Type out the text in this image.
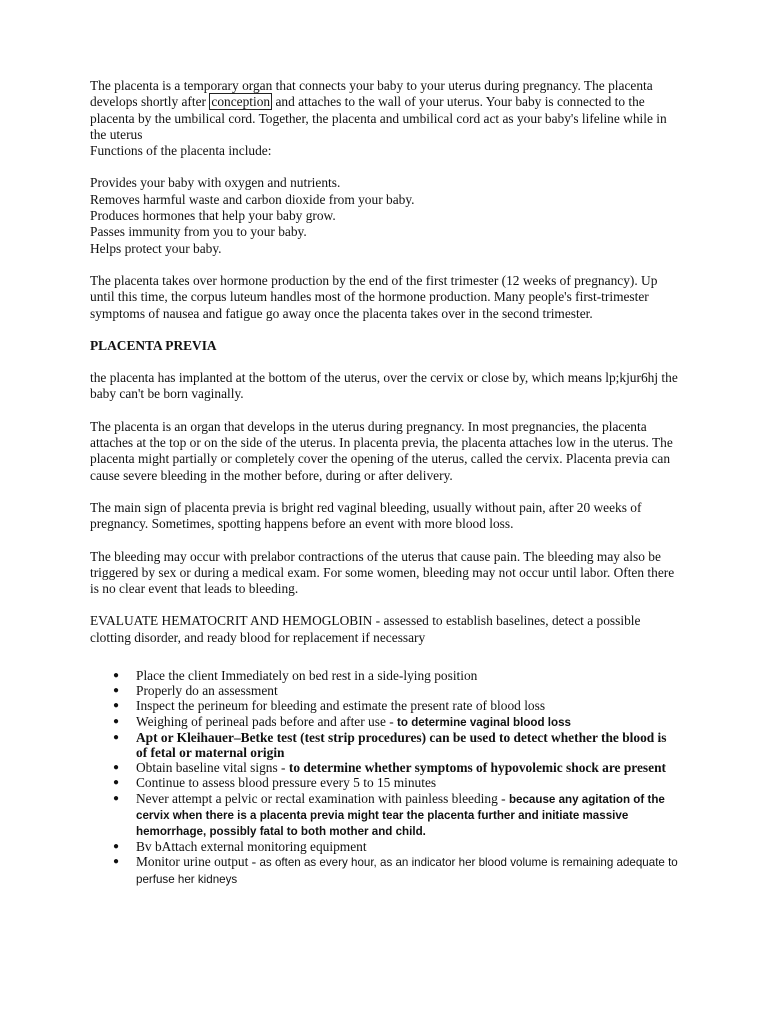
The placenta is a temporary organ that connects your baby to your uterus during pregnancy. The placenta develops shortly after conception and attaches to the wall of your uterus. Your baby is connected to the placenta by the umbilical cord. Together, the placenta and umbilical cord act as your baby's lifeline while in the uterus

Functions of the placenta include:

Provides your baby with oxygen and nutrients.

Removes harmful waste and carbon dioxide from your baby.

Produces hormones that help your baby grow.

Passes immunity from you to your baby.

Helps protect your baby.

The placenta takes over hormone production by the end of the first trimester (12 weeks of pregnancy). Up until this time, the corpus luteum handles most of the hormone production. Many people's first-trimester symptoms of nausea and fatigue go away once the placenta takes over in the second trimester.

PLACENTA PREVIA

the placenta has implanted at the bottom of the uterus, over the cervix or close by, which means lp;kjur6hj the baby can't be born vaginally.

The placenta is an organ that develops in the uterus during pregnancy. In most pregnancies, the placenta attaches at the top or on the side of the uterus. In placenta previa, the placenta attaches low in the uterus. The placenta might partially or completely cover the opening of the uterus, called the cervix. Placenta previa can cause severe bleeding in the mother before, during or after delivery.

The main sign of placenta previa is bright red vaginal bleeding, usually without pain, after 20 weeks of pregnancy. Sometimes, spotting happens before an event with more blood loss.

The bleeding may occur with prelabor contractions of the uterus that cause pain. The bleeding may also be triggered by sex or during a medical exam. For some women, bleeding may not occur until labor. Often there is no clear event that leads to bleeding.

EVALUATE HEMATOCRIT AND HEMOGLOBIN - assessed to establish baselines, detect a possible clotting disorder, and ready blood for replacement if necessary

● Place the client Immediately on bed rest in a side-lying position
● Properly do an assessment
● Inspect the perineum for bleeding and estimate the present rate of blood loss
● Weighing of perineal pads before and after use - to determine vaginal blood loss
● Apt or Kleihauer–Betke test (test strip procedures) can be used to detect whether the blood is of fetal or maternal origin
● Obtain baseline vital signs - to determine whether symptoms of hypovolemic shock are present
● Continue to assess blood pressure every 5 to 15 minutes
● Never attempt a pelvic or rectal examination with painless bleeding - because any agitation of the cervix when there is a placenta previa might tear the placenta further and initiate massive hemorrhage, possibly fatal to both mother and child.
● Bv bAttach external monitoring equipment
● Monitor urine output - as often as every hour, as an indicator her blood volume is remaining adequate to perfuse her kidneys
